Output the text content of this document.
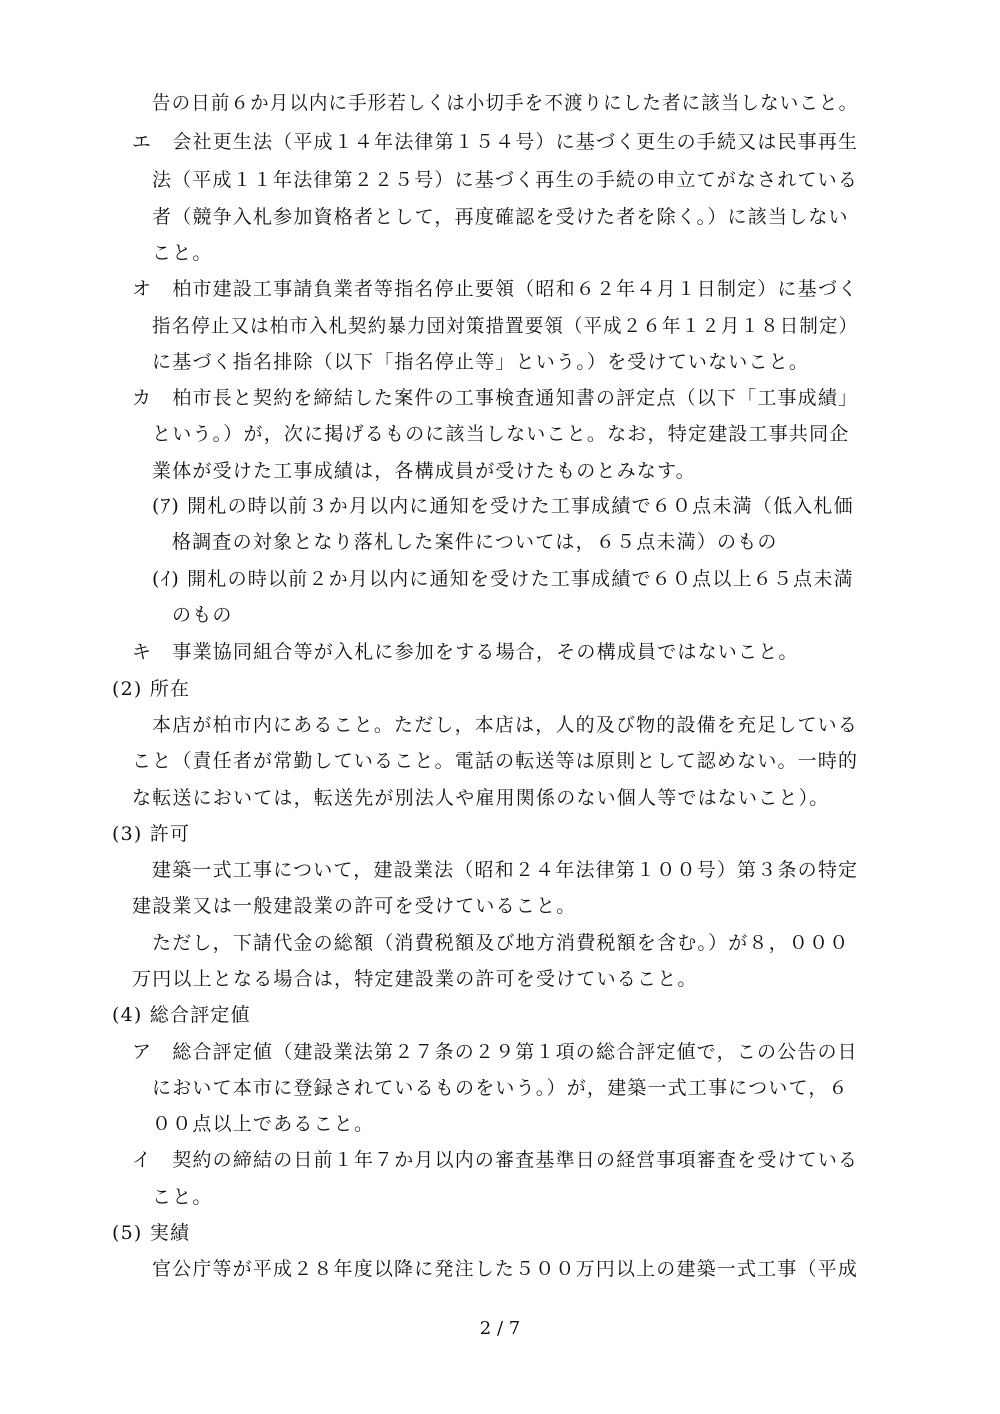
告の日前６か月以内に手形若しくは小切手を不渡りにした者に該当しないこと。
エ　会社更生法（平成１４年法律第１５４号）に基づく更生の手続又は民事再生
法（平成１１年法律第２２５号）に基づく再生の手続の申立てがなされている
者（競争入札参加資格者として，再度確認を受けた者を除く。）に該当しない
こと。
オ　柏市建設工事請負業者等指名停止要領（昭和６２年４月１日制定）に基づく
指名停止又は柏市入札契約暴力団対策措置要領（平成２６年１２月１８日制定）
に基づく指名排除（以下「指名停止等」という。）を受けていないこと。
カ　柏市長と契約を締結した案件の工事検査通知書の評定点（以下「工事成績」
という。）が，次に掲げるものに該当しないこと。なお，特定建設工事共同企
業体が受けた工事成績は，各構成員が受けたものとみなす。
(ｱ) 開札の時以前３か月以内に通知を受けた工事成績で６０点未満（低入札価
格調査の対象となり落札した案件については，６５点未満）のもの
(ｲ) 開札の時以前２か月以内に通知を受けた工事成績で６０点以上６５点未満
のもの
キ　事業協同組合等が入札に参加をする場合，その構成員ではないこと。
(2) 所在
本店が柏市内にあること。ただし，本店は，人的及び物的設備を充足している
こと（責任者が常勤していること。電話の転送等は原則として認めない。一時的
な転送においては，転送先が別法人や雇用関係のない個人等ではないこと）。
(3) 許可
建築一式工事について，建設業法（昭和２４年法律第１００号）第３条の特定
建設業又は一般建設業の許可を受けていること。
ただし，下請代金の総額（消費税額及び地方消費税額を含む。）が８，０００
万円以上となる場合は，特定建設業の許可を受けていること。
(4) 総合評定値
ア　総合評定値（建設業法第２７条の２９第１項の総合評定値で，この公告の日
において本市に登録されているものをいう。）が，建築一式工事について，６
００点以上であること。
イ　契約の締結の日前１年７か月以内の審査基準日の経営事項審査を受けている
こと。
(5) 実績
官公庁等が平成２８年度以降に発注した５００万円以上の建築一式工事（平成
2 / 7
